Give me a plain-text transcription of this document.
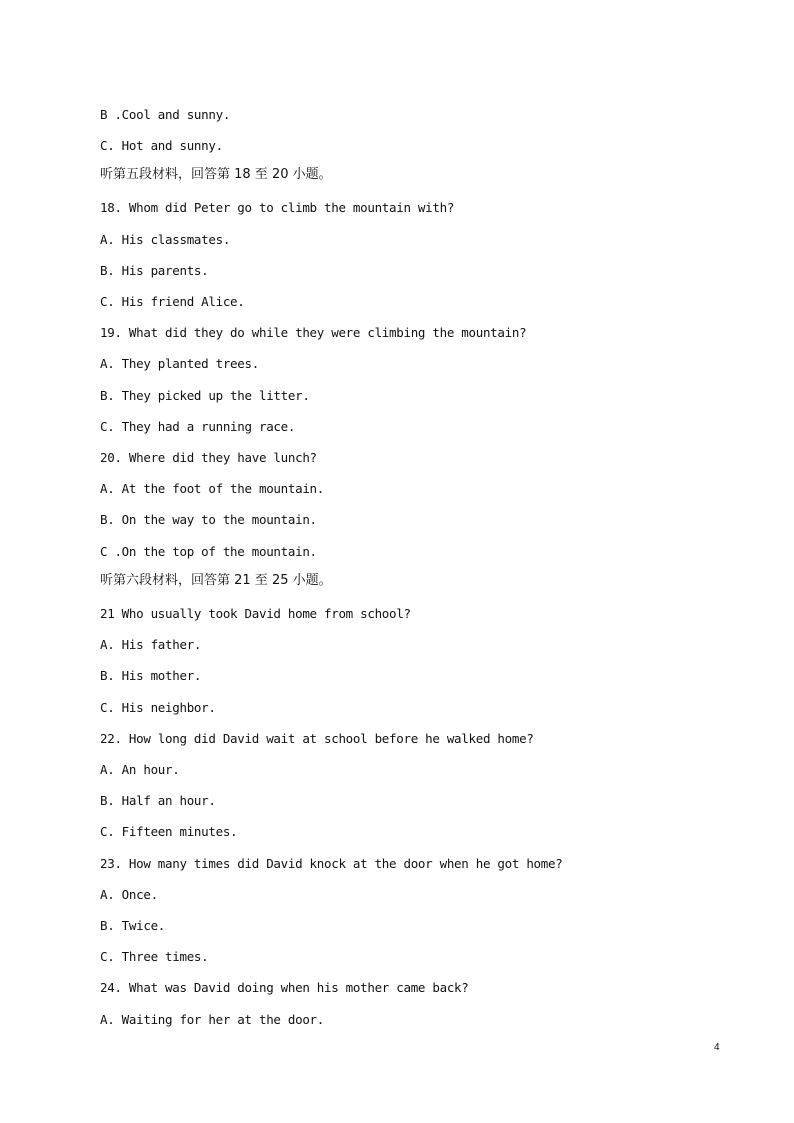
B .Cool and sunny.
C. Hot and sunny.
听第五段材料，回答第 18 至 20 小题。
18. Whom did Peter go to climb the mountain with?
A. His classmates.
B. His parents.
C. His friend Alice.
19. What did they do while they were climbing the mountain?
A. They planted trees.
B. They picked up the litter.
C. They had a running race.
20. Where did they have lunch?
A. At the foot of the mountain.
B. On the way to the mountain.
C .On the top of the mountain.
听第六段材料，回答第 21 至 25 小题。
21 Who usually took David home from school?
A. His father.
B. His mother.
C. His neighbor.
22. How long did David wait at school before he walked home?
A. An hour.
B. Half an hour.
C. Fifteen minutes.
23. How many times did David knock at the door when he got home?
A. Once.
B. Twice.
C. Three times.
24. What was David doing when his mother came back?
A. Waiting for her at the door.
4
